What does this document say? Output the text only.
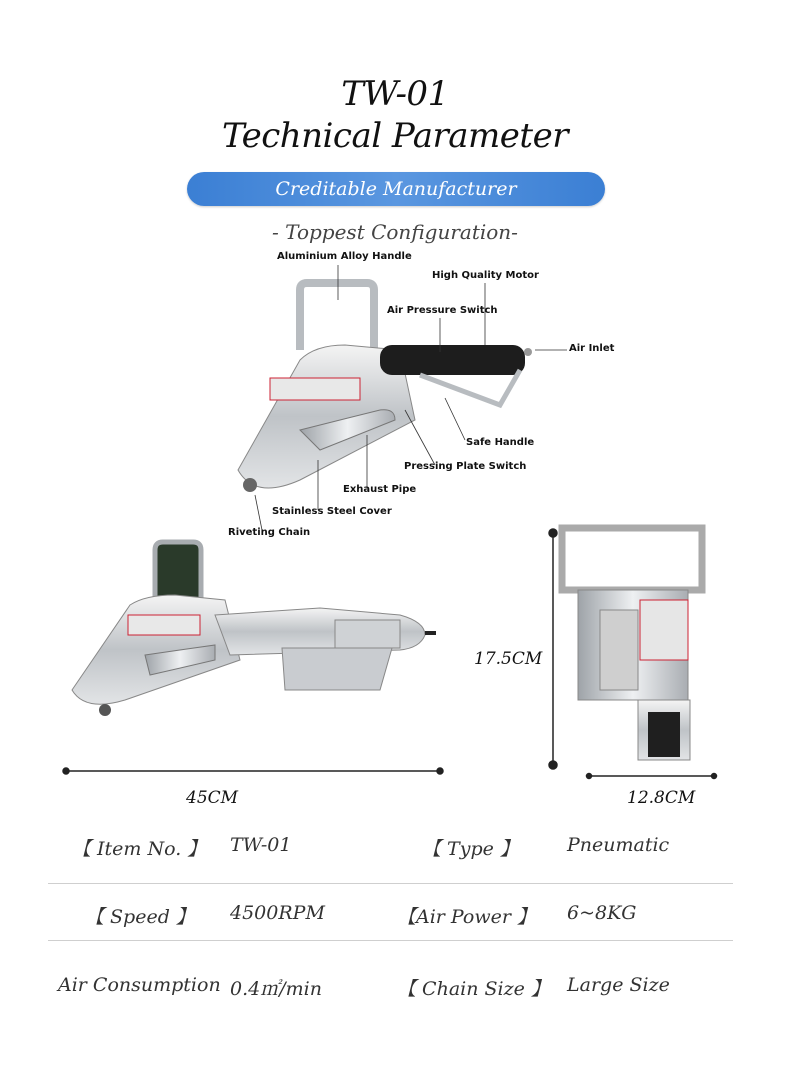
TW-01
Technical Parameter
Creditable Manufacturer
- Toppest Configuration-
Aluminium Alloy Handle
High Quality Motor
Air Pressure Switch
Air Inlet
Safe Handle
Pressing Plate Switch
Exhaust Pipe
Stainless Steel Cover
Riveting Chain
45CM
17.5CM
12.8CM
【 Item No. 】 TW-01	【 Type 】	Pneumatic
【 Speed 】 4500RPM	【Air Power 】 6~8KG
Air Consumption 0.4㎡/min	【 Chain Size 】 Large Size
